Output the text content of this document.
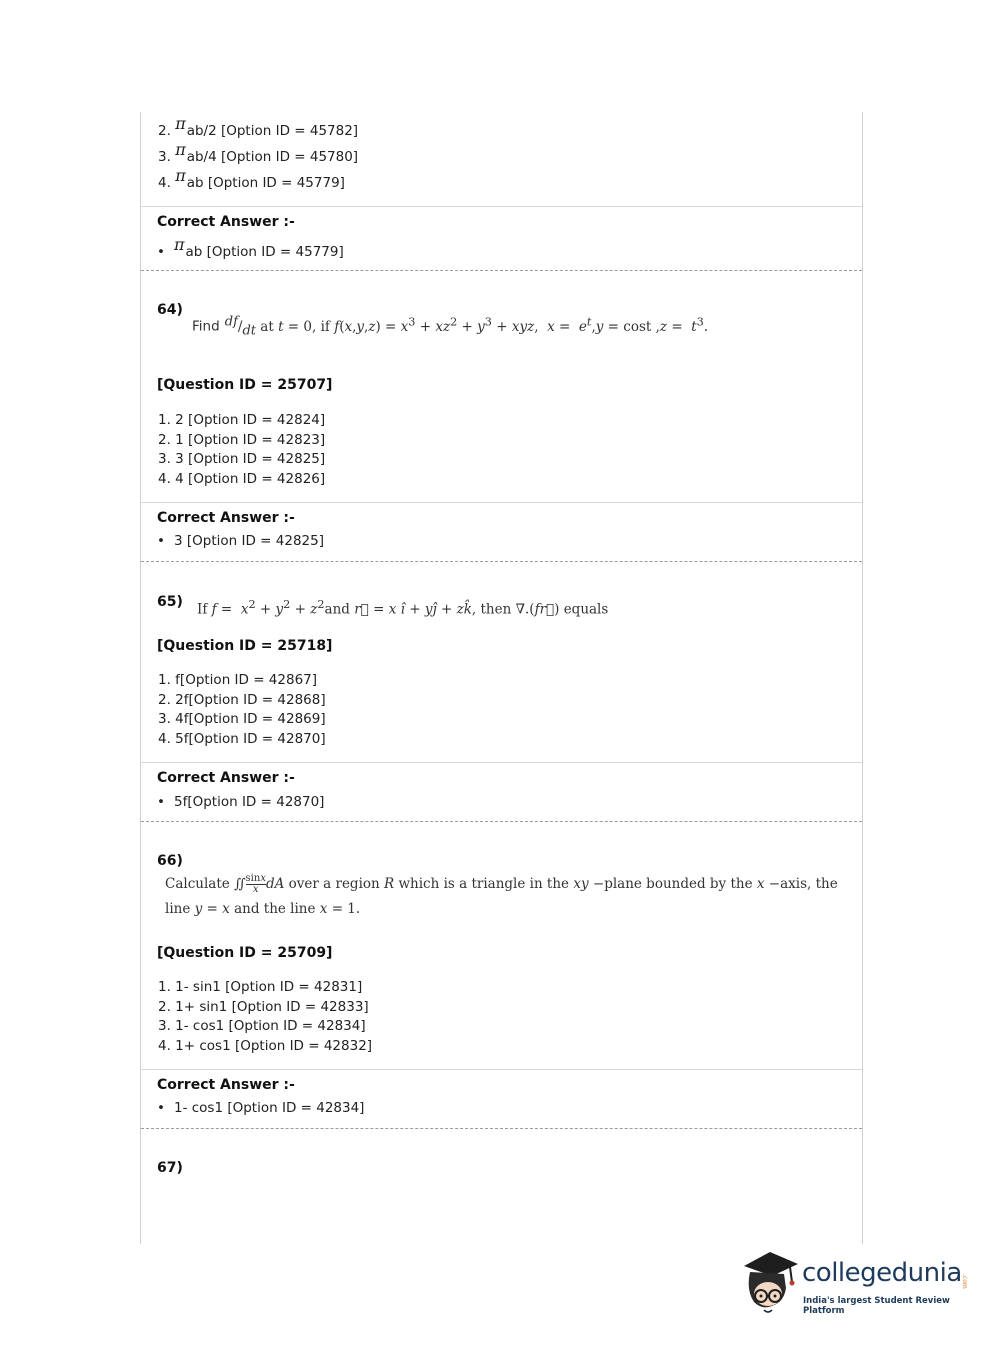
2. πab/2 [Option ID = 45782]
3. πab/4 [Option ID = 45780]
4. πab [Option ID = 45779]
Correct Answer :-
• πab [Option ID = 45779]
64)
Find $^{df}/_{dt}$ at t = 0, if $f(x,y,z) = x^3 + xz^2 + y^3$ + xyz,  $x = e^t,y = \cos t$ $,z = t^3$.
[Question ID = 25707]
1. 2 [Option ID = 42824]
2. 1 [Option ID = 42823]
3. 3 [Option ID = 42825]
4. 4 [Option ID = 42826]
Correct Answer :-
• 3 [Option ID = 42825]
65) If $f = x^2 + y^2 + z^2and$ r⃗ = x î + yĵ + zk̂, then ∇.(fr⃗) equals
[Question ID = 25718]
1. f[Option ID = 42867]
2. 2f[Option ID = 42868]
3. 4f[Option ID = 42869]
4. 5f[Option ID = 42870]
Correct Answer :-
• 5f[Option ID = 42870]
66)
Calculate ∬ $\frac{\sin x}{x}$ dA over a region R which is a triangle in the xy −plane bounded by the x −axis, the
line y = x and the line x = 1.
[Question ID = 25709]
1. 1- sin1 [Option ID = 42831]
2. 1+ sin1 [Option ID = 42833]
3. 1- cos1 [Option ID = 42834]
4. 1+ cos1 [Option ID = 42832]
Correct Answer :-
• 1- cos1 [Option ID = 42834]
67)
collegedunia .com
India's largest Student Review Platform
